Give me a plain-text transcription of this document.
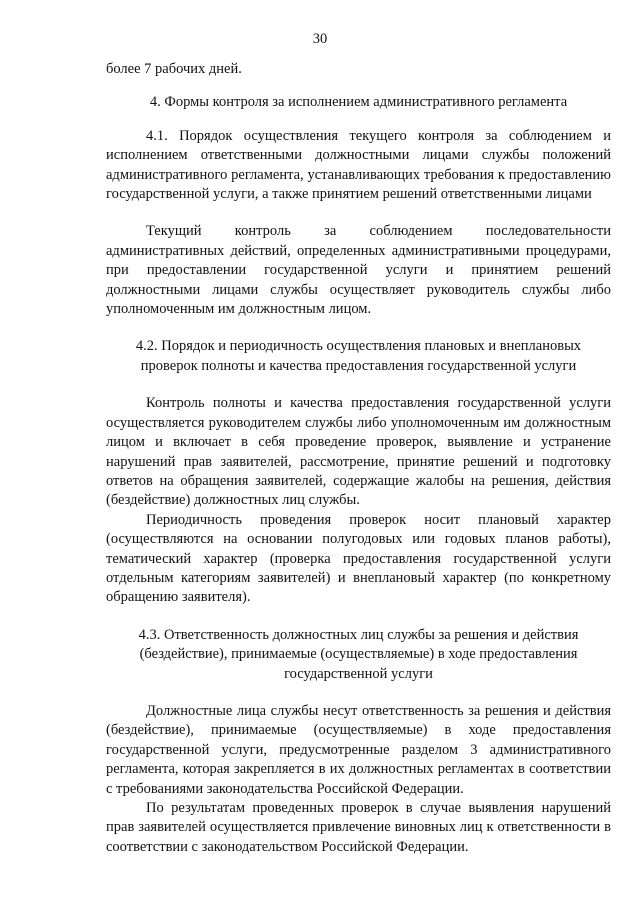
30

более 7 рабочих дней.

4. Формы контроля за исполнением административного регламента

4.1. Порядок осуществления текущего контроля за соблюдением и исполнением ответственными должностными лицами службы положений административного регламента, устанавливающих требования к предоставлению государственной услуги, а также принятием решений ответственными лицами

Текущий контроль за соблюдением последовательности административных действий, определенных административными процедурами, при предоставлении государственной услуги и принятием решений должностными лицами службы осуществляет руководитель службы либо уполномоченным им должностным лицом.

4.2. Порядок и периодичность осуществления плановых и внеплановых проверок полноты и качества предоставления государственной услуги

Контроль полноты и качества предоставления государственной услуги осуществляется руководителем службы либо уполномоченным им должностным лицом и включает в себя проведение проверок, выявление и устранение нарушений прав заявителей, рассмотрение, принятие решений и подготовку ответов на обращения заявителей, содержащие жалобы на решения, действия (бездействие) должностных лиц службы.

Периодичность проведения проверок носит плановый характер (осуществляются на основании полугодовых или годовых планов работы), тематический характер (проверка предоставления государственной услуги отдельным категориям заявителей) и внеплановый характер (по конкретному обращению заявителя).

4.3. Ответственность должностных лиц службы за решения и действия (бездействие), принимаемые (осуществляемые) в ходе предоставления государственной услуги

Должностные лица службы несут ответственность за решения и действия (бездействие), принимаемые (осуществляемые) в ходе предоставления государственной услуги, предусмотренные разделом 3 административного регламента, которая закрепляется в их должностных регламентах в соответствии с требованиями законодательства Российской Федерации.

По результатам проведенных проверок в случае выявления нарушений прав заявителей осуществляется привлечение виновных лиц к ответственности в соответствии с законодательством Российской Федерации.
